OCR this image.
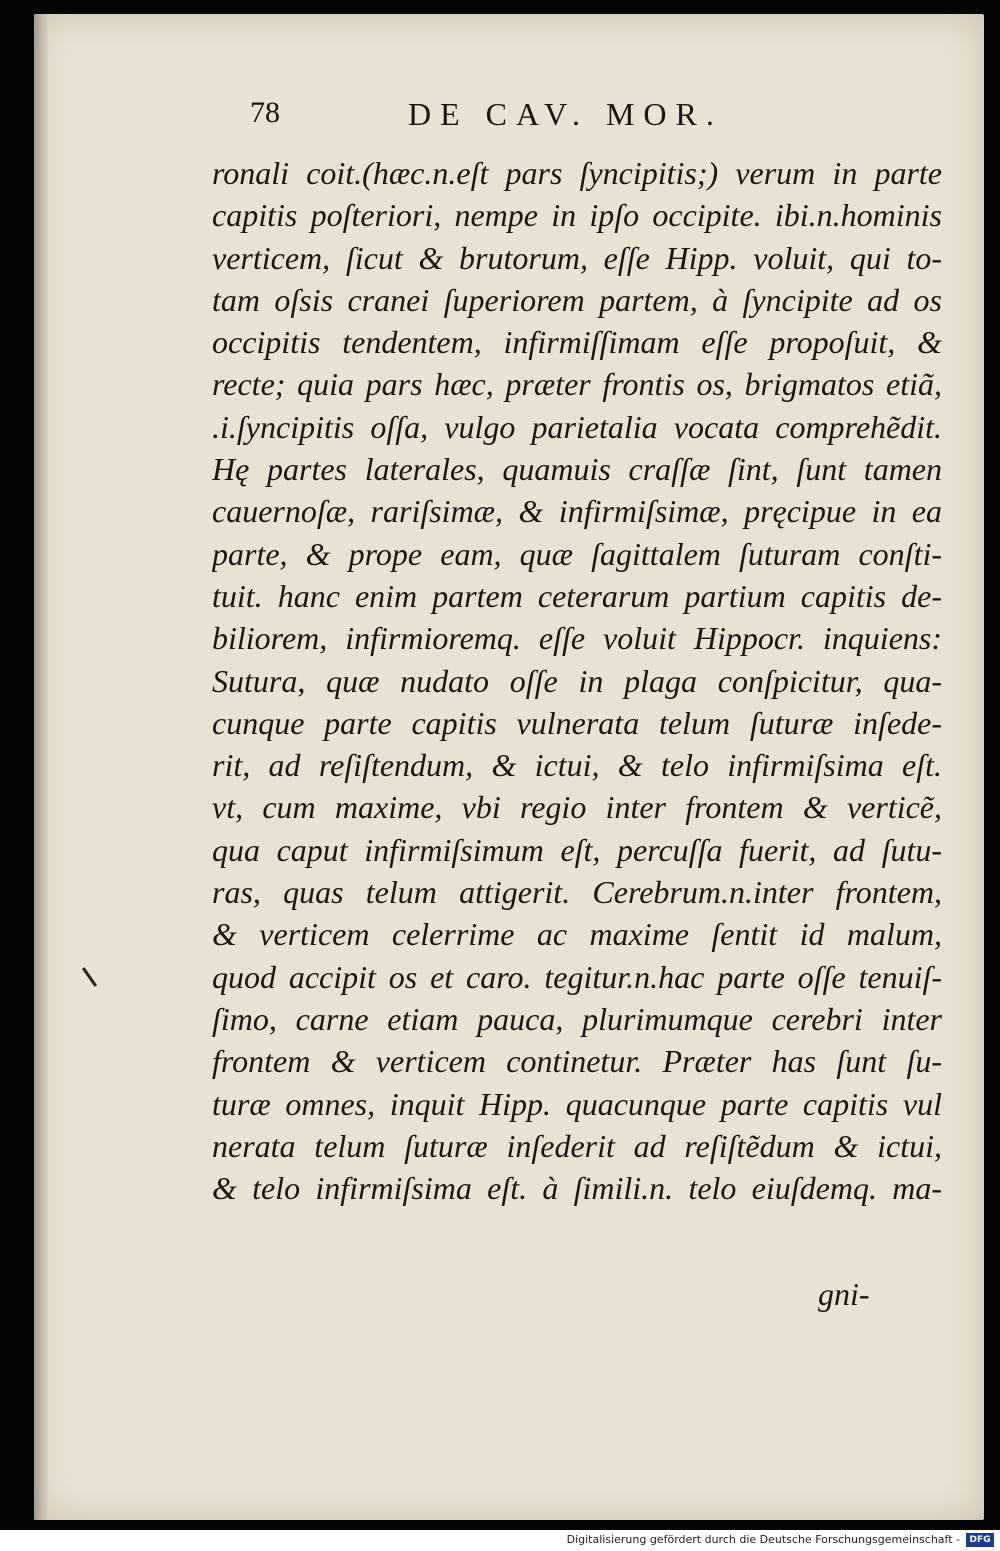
78	DE CAV. MOR.
ronali coit.(hæc.n.eſt pars ſyncipitis;) verum in parte
capitis poſteriori, nempe in ipſo occipite. ibi.n.hominis
verticem, ſicut & brutorum, eſſe Hipp. voluit, qui to-
tam oſsis cranei ſuperiorem partem, à ſyncipite ad os
occipitis tendentem, infirmiſſimam eſſe propoſuit, &
recte; quia pars hæc, præter frontis os, brigmatos etiã,
.i.ſyncipitis oſſa, vulgo parietalia vocata comprehẽdit.
Hę partes laterales, quamuis craſſæ ſint, ſunt tamen
cauernoſæ, rariſsimæ, & infirmiſsimæ, pręcipue in ea
parte, & prope eam, quæ ſagittalem ſuturam conſti-
tuit. hanc enim partem ceterarum partium capitis de-
biliorem, infirmioremq. eſſe voluit Hippocr. inquiens:
Sutura, quæ nudato oſſe in plaga conſpicitur, qua-
cunque parte capitis vulnerata telum ſuturæ inſede-
rit, ad reſiſtendum, & ictui, & telo infirmiſsima eſt.
vt, cum maxime, vbi regio inter frontem & verticẽ,
qua caput infirmiſsimum eſt, percuſſa fuerit, ad ſutu-
ras, quas telum attigerit. Cerebrum.n.inter frontem,
& verticem celerrime ac maxime ſentit id malum,
quod accipit os et caro. tegitur.n.hac parte oſſe tenuiſ-
ſimo, carne etiam pauca, plurimumque cerebri inter
frontem & verticem continetur. Præter has ſunt ſu-
turæ omnes, inquit Hipp. quacunque parte capitis vul
nerata telum ſuturæ inſederit ad reſiſtẽdum & ictui,
& telo infirmiſsima eſt. à ſimili.n. telo eiuſdemq. ma-
gni-
Digitalisierung gefördert durch die Deutsche Forschungsgemeinschaft -	DFG
